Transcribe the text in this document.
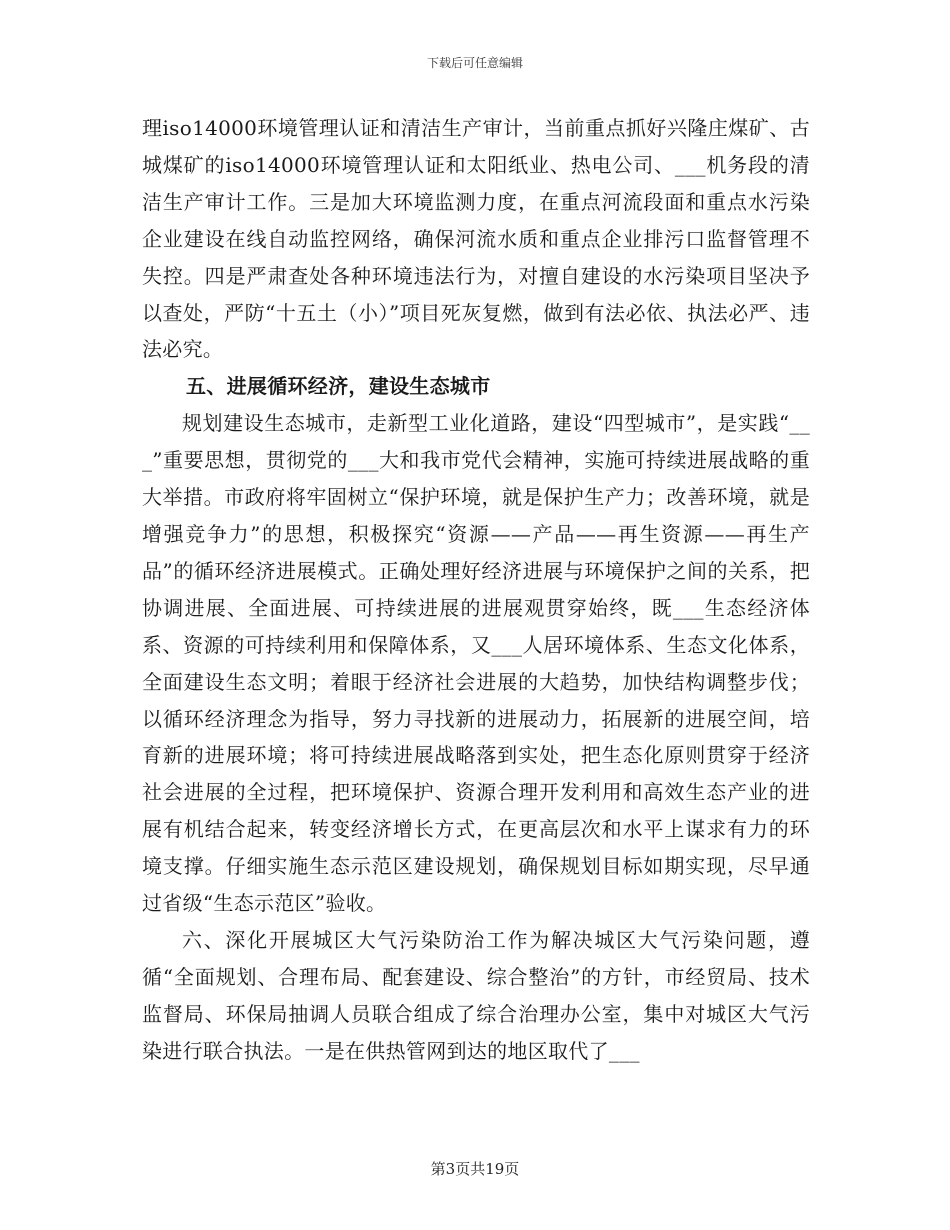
下载后可任意编辑

理iso14000环境管理认证和清洁生产审计，当前重点抓好兴隆庄煤矿、古城煤矿的iso14000环境管理认证和太阳纸业、热电公司、___机务段的清洁生产审计工作。三是加大环境监测力度，在重点河流段面和重点水污染企业建设在线自动监控网络，确保河流水质和重点企业排污口监督管理不失控。四是严肃查处各种环境违法行为，对擅自建设的水污染项目坚决予以查处，严防“十五土（小）”项目死灰复燃，做到有法必依、执法必严、违法必究。

五、进展循环经济，建设生态城市

规划建设生态城市，走新型工业化道路，建设“四型城市”，是实践“___”重要思想，贯彻党的___大和我市党代会精神，实施可持续进展战略的重大举措。市政府将牢固树立“保护环境，就是保护生产力；改善环境，就是增强竞争力”的思想，积极探究“资源——产品——再生资源——再生产品”的循环经济进展模式。正确处理好经济进展与环境保护之间的关系，把协调进展、全面进展、可持续进展的进展观贯穿始终，既___生态经济体系、资源的可持续利用和保障体系，又___人居环境体系、生态文化体系，全面建设生态文明；着眼于经济社会进展的大趋势，加快结构调整步伐；以循环经济理念为指导，努力寻找新的进展动力，拓展新的进展空间，培育新的进展环境；将可持续进展战略落到实处，把生态化原则贯穿于经济社会进展的全过程，把环境保护、资源合理开发利用和高效生态产业的进展有机结合起来，转变经济增长方式，在更高层次和水平上谋求有力的环境支撑。仔细实施生态示范区建设规划，确保规划目标如期实现，尽早通过省级“生态示范区”验收。

六、深化开展城区大气污染防治工作为解决城区大气污染问题，遵循“全面规划、合理布局、配套建设、综合整治”的方针，市经贸局、技术监督局、环保局抽调人员联合组成了综合治理办公室，集中对城区大气污染进行联合执法。一是在供热管网到达的地区取代了___

第3页共19页
